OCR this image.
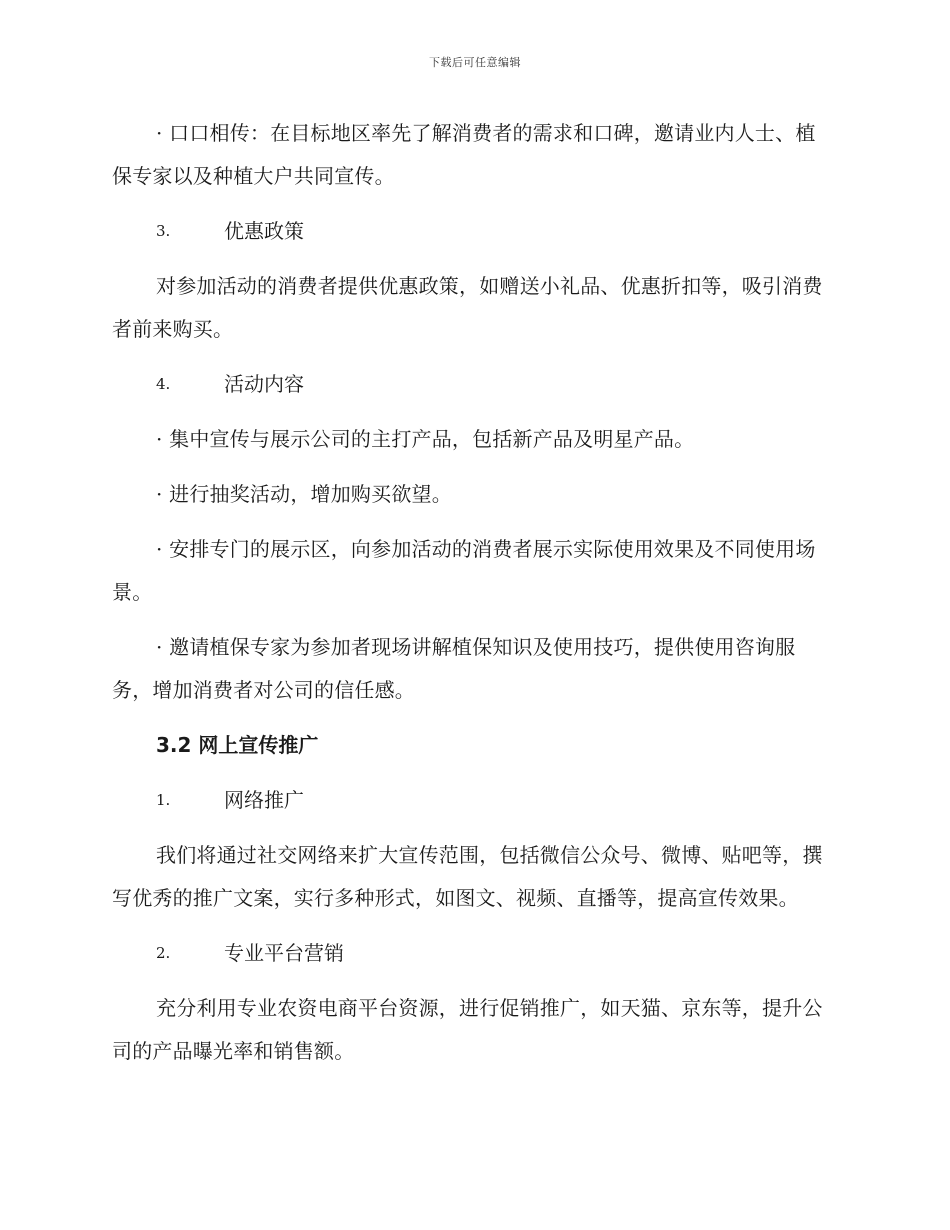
下载后可任意编辑

· 口口相传：在目标地区率先了解消费者的需求和口碑，邀请业内人士、植保专家以及种植大户共同宣传。

3.	优惠政策

对参加活动的消费者提供优惠政策，如赠送小礼品、优惠折扣等，吸引消费者前来购买。

4.	活动内容

· 集中宣传与展示公司的主打产品，包括新产品及明星产品。

· 进行抽奖活动，增加购买欲望。

· 安排专门的展示区，向参加活动的消费者展示实际使用效果及不同使用场景。

· 邀请植保专家为参加者现场讲解植保知识及使用技巧，提供使用咨询服务，增加消费者对公司的信任感。

3.2 网上宣传推广
1.	网络推广

我们将通过社交网络来扩大宣传范围，包括微信公众号、微博、贴吧等，撰写优秀的推广文案，实行多种形式，如图文、视频、直播等，提高宣传效果。

2.	专业平台营销

充分利用专业农资电商平台资源，进行促销推广，如天猫、京东等，提升公司的产品曝光率和销售额。
